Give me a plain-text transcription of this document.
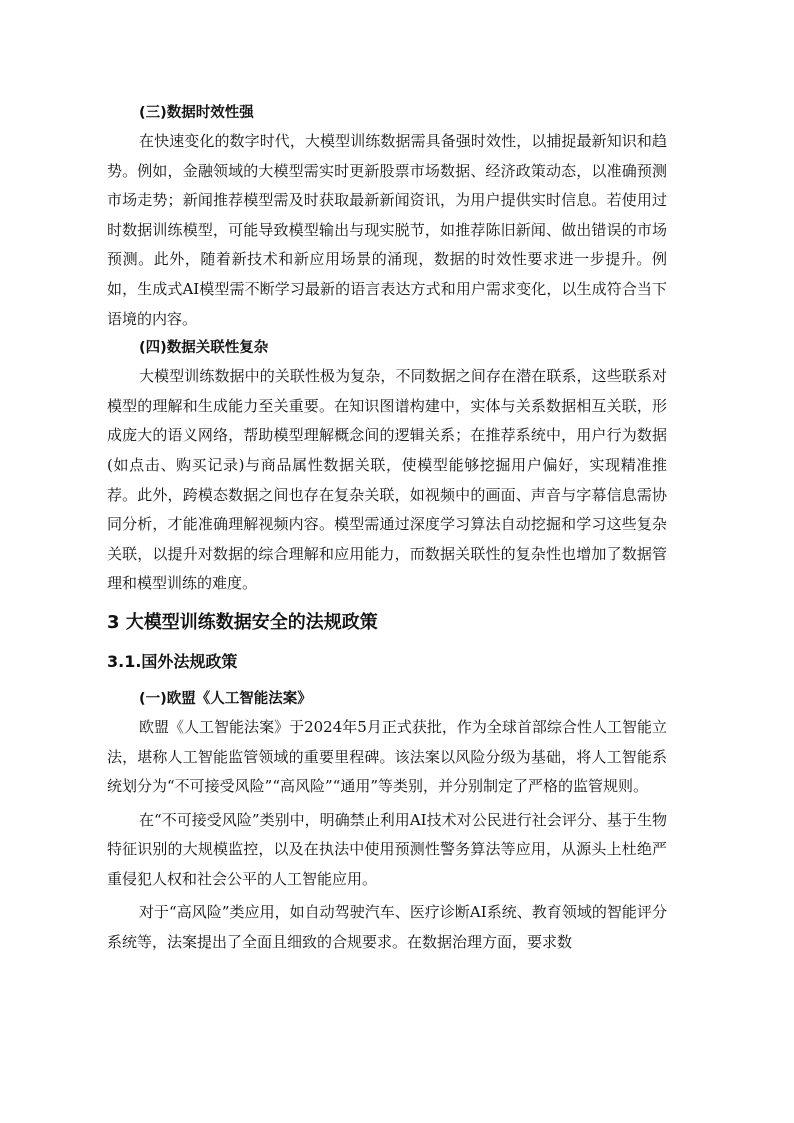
(三)数据时效性强

在快速变化的数字时代，大模型训练数据需具备强时效性，以捕捉最新知识和趋势。例如，金融领域的大模型需实时更新股票市场数据、经济政策动态，以准确预测市场走势；新闻推荐模型需及时获取最新新闻资讯，为用户提供实时信息。若使用过时数据训练模型，可能导致模型输出与现实脱节，如推荐陈旧新闻、做出错误的市场预测。此外，随着新技术和新应用场景的涌现，数据的时效性要求进一步提升。例如，生成式AI模型需不断学习最新的语言表达方式和用户需求变化，以生成符合当下语境的内容。

(四)数据关联性复杂

大模型训练数据中的关联性极为复杂，不同数据之间存在潜在联系，这些联系对模型的理解和生成能力至关重要。在知识图谱构建中，实体与关系数据相互关联，形成庞大的语义网络，帮助模型理解概念间的逻辑关系；在推荐系统中，用户行为数据(如点击、购买记录)与商品属性数据关联，使模型能够挖掘用户偏好，实现精准推荐。此外，跨模态数据之间也存在复杂关联，如视频中的画面、声音与字幕信息需协同分析，才能准确理解视频内容。模型需通过深度学习算法自动挖掘和学习这些复杂关联，以提升对数据的综合理解和应用能力，而数据关联性的复杂性也增加了数据管理和模型训练的难度。

3 大模型训练数据安全的法规政策
3.1.国外法规政策
(一)欧盟《人工智能法案》

欧盟《人工智能法案》于2024年5月正式获批，作为全球首部综合性人工智能立法，堪称人工智能监管领域的重要里程碑。该法案以风险分级为基础，将人工智能系统划分为“不可接受风险”“高风险”“通用”等类别，并分别制定了严格的监管规则。

在“不可接受风险”类别中，明确禁止利用AI技术对公民进行社会评分、基于生物特征识别的大规模监控，以及在执法中使用预测性警务算法等应用，从源头上杜绝严重侵犯人权和社会公平的人工智能应用。

对于“高风险”类应用，如自动驾驶汽车、医疗诊断AI系统、教育领域的智能评分系统等，法案提出了全面且细致的合规要求。在数据治理方面，要求数
